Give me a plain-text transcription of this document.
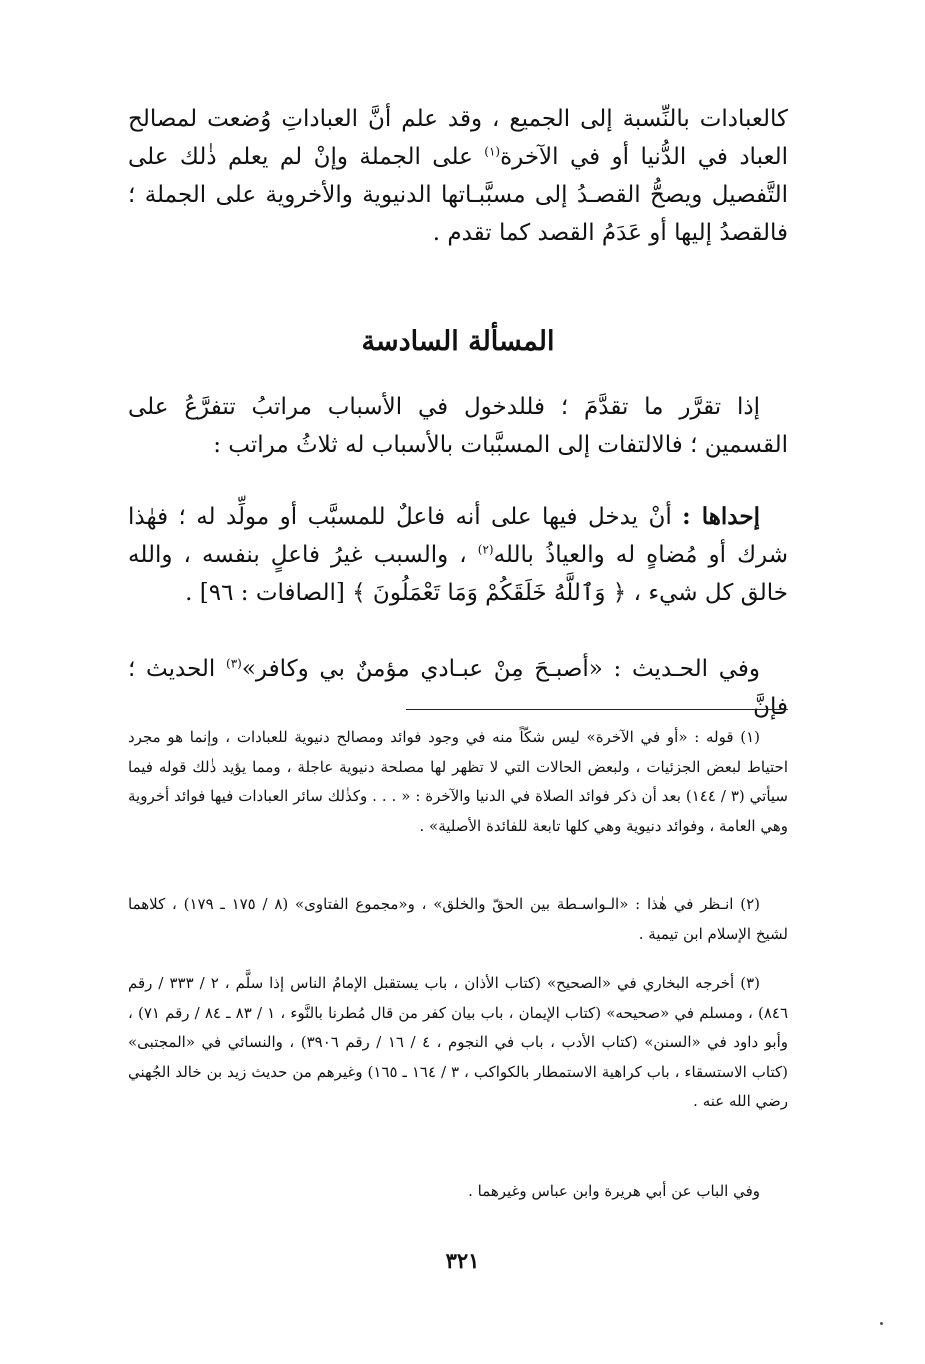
كالعبادات بالنِّسبة إلى الجميع ، وقد علم أنَّ العباداتِ وُضعت لمصالح العباد في الدُّنيا أو في الآخرة$^{(١)}$ على الجملة وإنْ لم يعلم ذٰلك على التَّفصيل ويصحُّ القصـدُ إلى مسبَّبـاتها الدنيوية والأخروية على الجملة ؛ فالقصدُ إليها أو عَدَمُ القصد كما تقدم .

المسألة السادسة

إذا تقرَّر ما تقدَّمَ ؛ فللدخول في الأسباب مراتبُ تتفرَّعُ على القسمين ؛ فالالتفات إلى المسبَّبات بالأسباب له ثلاثُ مراتب :

إحداها : أنْ يدخل فيها على أنه فاعلٌ للمسبَّب أو مولِّد له ؛ فهٰذا شرك أو مُضاهٍ له والعياذُ بالله$^{(٢)}$ ، والسبب غيرُ فاعلٍ بنفسه ، والله خالق كل شيء ، ﴿ وَٱللَّهُ خَلَقَكُمْ وَمَا تَعْمَلُونَ ﴾ [الصافات : ٩٦] .

وفي الحـديث : «أصبـحَ مِنْ عبـادي مؤمنٌ بي وكافر»$^{(٣)}$ الحديث ؛ فإنَّ

(١) قوله : «أو في الآخرة» ليس شكّاً منه في وجود فوائد ومصالح دنيوية للعبادات ، وإنما هو مجرد احتياط لبعض الجزئيات ، ولبعض الحالات التي لا تظهر لها مصلحة دنيوية عاجلة ، ومما يؤيد ذٰلك قوله فيما سيأتي (٣ / ١٤٤) بعد أن ذكر فوائد الصلاة في الدنيا والآخرة : « . . . وكذٰلك سائر العبادات فيها فوائد أخروية وهي العامة ، وفوائد دنيوية وهي كلها تابعة للفائدة الأصلية» .

(٢) انـظر في هٰذا : «الـواسـطة بين الحقّ والخلق» ، و«مجموع الفتاوى» (٨ / ١٧٥ ـ ١٧٩) ، كلاهما لشيخ الإسلام ابن تيمية .

(٣) أخرجه البخاري في «الصحيح» (كتاب الأذان ، باب يستقبل الإمامُ الناس إذا سلَّم ، ٢ / ٣٣٣ / رقم ٨٤٦) ، ومسلم في «صحيحه» (كتاب الإيمان ، باب بيان كفر من قال مُطرنا بالنَّوء ، ١ / ٨٣ ـ ٨٤ / رقم ٧١) ، وأبو داود في «السنن» (كتاب الأدب ، باب في النجوم ، ٤ / ١٦ / رقم ٣٩٠٦) ، والنسائي في «المجتبى» (كتاب الاستسقاء ، باب كراهية الاستمطار بالكواكب ، ٣ / ١٦٤ ـ ١٦٥) وغيرهم من حديث زيد بن خالد الجُهني رضي الله عنه .

وفي الباب عن أبي هريرة وابن عباس وغيرهما .

٣٢١
